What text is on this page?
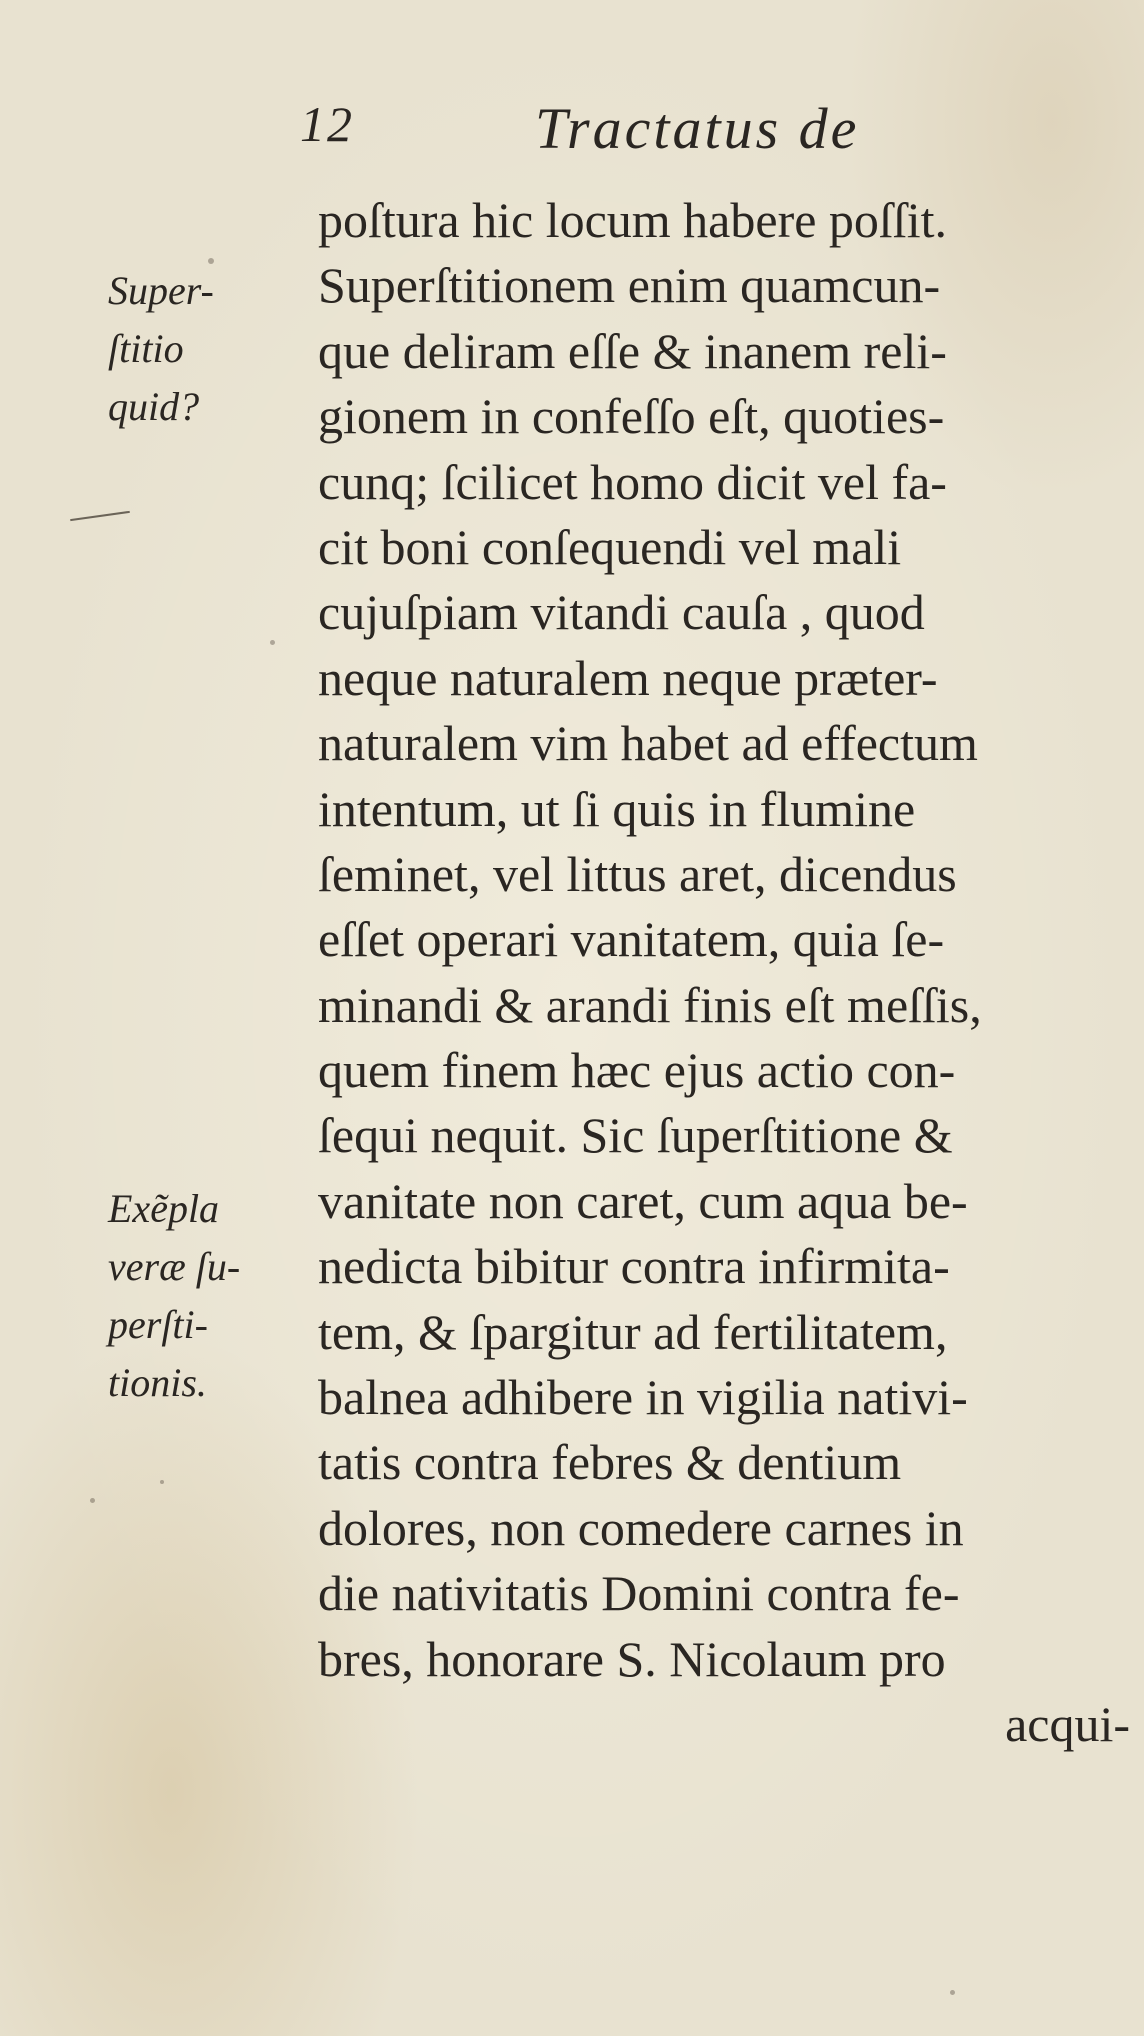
12	Tractatus de
Super-
ſtitio
quid?
Exẽpla
veræ ſu-
perſti-
tionis.
poſtura hic locum habere poſſit.
Superſtitionem enim quamcun-
que deliram eſſe & inanem reli-
gionem in confeſſo eſt, quoties-
cunq; ſcilicet homo dicit vel fa-
cit boni conſequendi vel mali
cujuſpiam vitandi cauſa , quod
neque naturalem neque præter-
naturalem vim habet ad effectum
intentum, ut ſi quis in flumine
ſeminet, vel littus aret, dicendus
eſſet operari vanitatem, quia ſe-
minandi & arandi finis eſt meſſis,
quem finem hæc ejus actio con-
ſequi nequit. Sic ſuperſtitione &
vanitate non caret, cum aqua be-
nedicta bibitur contra infirmita-
tem, & ſpargitur ad fertilitatem,
balnea adhibere in vigilia nativi-
tatis contra febres & dentium
dolores, non comedere carnes in
die nativitatis Domini contra fe-
bres, honorare S. Nicolaum pro
acqui-
